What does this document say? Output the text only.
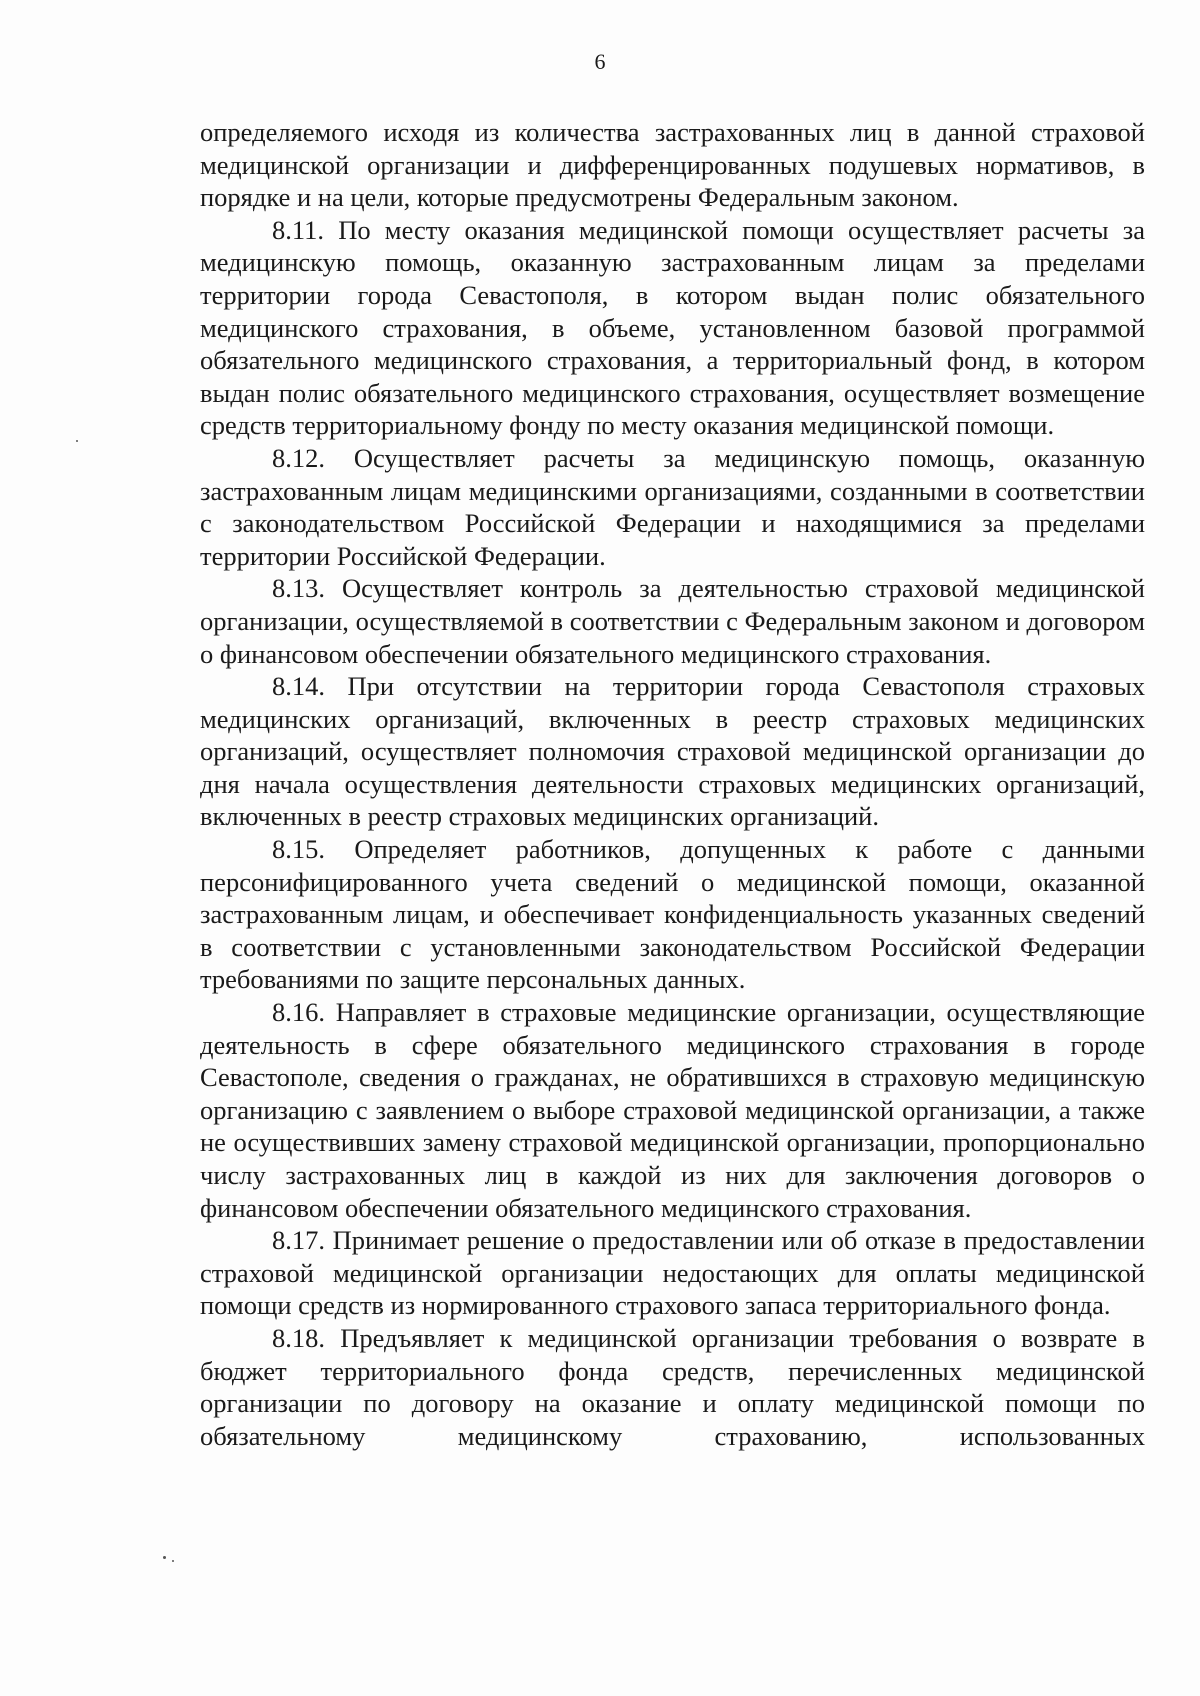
6

определяемого исходя из количества застрахованных лиц в данной страховой медицинской организации и дифференцированных подушевых нормативов, в порядке и на цели, которые предусмотрены Федеральным законом.

8.11. По месту оказания медицинской помощи осуществляет расчеты за медицинскую помощь, оказанную застрахованным лицам за пределами территории города Севастополя, в котором выдан полис обязательного медицинского страхования, в объеме, установленном базовой программой обязательного медицинского страхования, а территориальный фонд, в котором выдан полис обязательного медицинского страхования, осуществляет возмещение средств территориальному фонду по месту оказания медицинской помощи.

8.12. Осуществляет расчеты за медицинскую помощь, оказанную застрахованным лицам медицинскими организациями, созданными в соответствии с законодательством Российской Федерации и находящимися за пределами территории Российской Федерации.

8.13. Осуществляет контроль за деятельностью страховой медицинской организации, осуществляемой в соответствии с Федеральным законом и договором о финансовом обеспечении обязательного медицинского страхования.

8.14. При отсутствии на территории города Севастополя страховых медицинских организаций, включенных в реестр страховых медицинских организаций, осуществляет полномочия страховой медицинской организации до дня начала осуществления деятельности страховых медицинских организаций, включенных в реестр страховых медицинских организаций.

8.15. Определяет работников, допущенных к работе с данными персонифицированного учета сведений о медицинской помощи, оказанной застрахованным лицам, и обеспечивает конфиденциальность указанных сведений в соответствии с установленными законодательством Российской Федерации требованиями по защите персональных данных.

8.16. Направляет в страховые медицинские организации, осуществляющие деятельность в сфере обязательного медицинского страхования в городе Севастополе, сведения о гражданах, не обратившихся в страховую медицинскую организацию с заявлением о выборе страховой медицинской организации, а также не осуществивших замену страховой медицинской организации, пропорционально числу застрахованных лиц в каждой из них для заключения договоров о финансовом обеспечении обязательного медицинского страхования.

8.17. Принимает решение о предоставлении или об отказе в предоставлении страховой медицинской организации недостающих для оплаты медицинской помощи средств из нормированного страхового запаса территориального фонда.

8.18. Предъявляет к медицинской организации требования о возврате в бюджет территориального фонда средств, перечисленных медицинской организации по договору на оказание и оплату медицинской помощи по обязательному медицинскому страхованию, использованных
